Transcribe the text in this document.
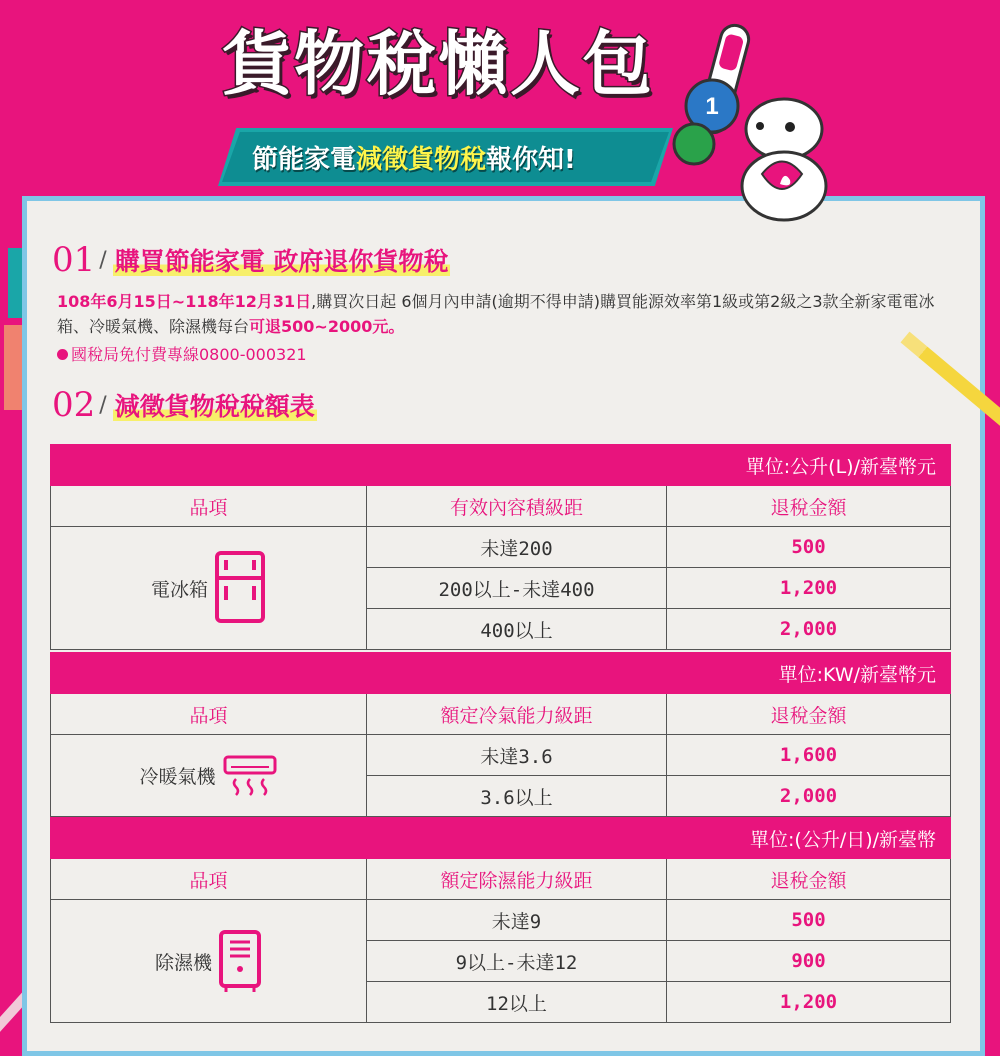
貨物稅懶人包
節能家電減徵貨物稅報你知!
1
01 / 購買節能家電 政府退你貨物稅
108年6月15日~118年12月31日,購買次日起 6個月內申請(逾期不得申請)購買能源效率第1級或第2級之3款全新家電電冰箱、冷暖氣機、除濕機每台可退500~2000元。
國稅局免付費專線0800-000321
02 / 減徵貨物稅稅額表
單位:公升(L)/新臺幣元		
品項	有效內容積級距	退稅金額

電冰箱	未達200	500
	200以上-未達400	1,200
	400以上	2,000
單位:KW/新臺幣元		
品項	額定冷氣能力級距	退稅金額

冷暖氣機	未達3.6	1,600
	3.6以上	2,000
單位:(公升/日)/新臺幣		
品項	額定除濕能力級距	退稅金額

除濕機	未達9	500
	9以上-未達12	900
	12以上	1,200
